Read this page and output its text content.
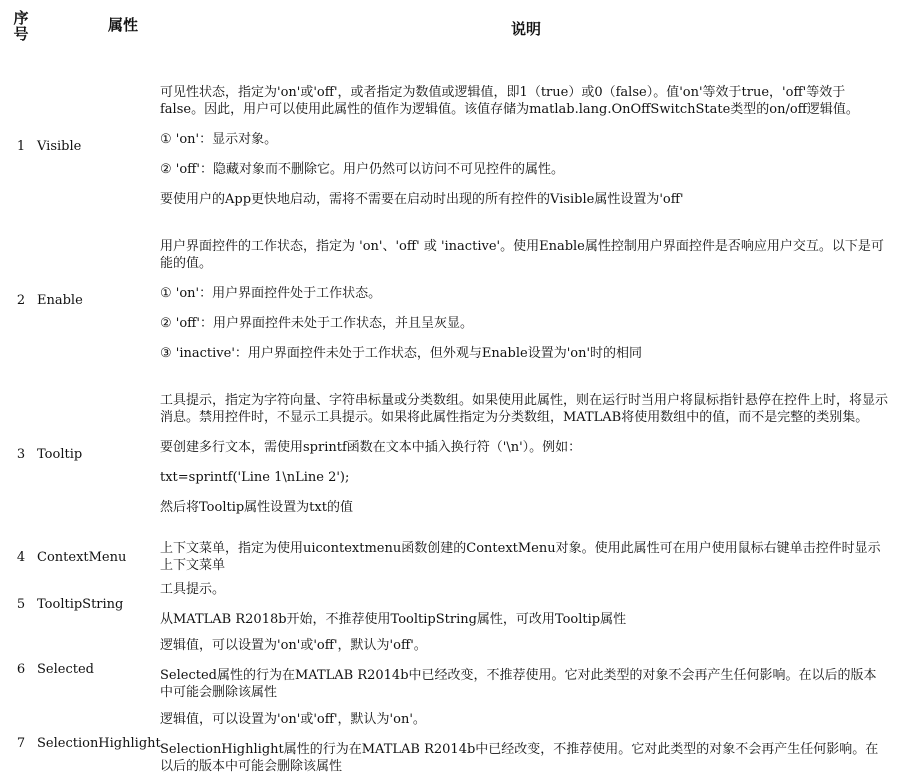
序号	属性	说明
1	Visible	可见性状态，指定为'on'或'off'，或者指定为数值或逻辑值，即1（true）或0（false）。值'on'等效于true，'off'等效于false。因此，用户可以使用此属性的值作为逻辑值。该值存储为matlab.lang.OnOffSwitchState类型的on/off逻辑值。

① 'on'：显示对象。

② 'off'：隐藏对象而不删除它。用户仍然可以访问不可见控件的属性。

要使用户的App更快地启动，需将不需要在启动时出现的所有控件的Visible属性设置为'off'

2	Enable	用户界面控件的工作状态，指定为 'on'、'off' 或 'inactive'。使用Enable属性控制用户界面控件是否响应用户交互。以下是可能的值。

① 'on'：用户界面控件处于工作状态。

② 'off'：用户界面控件未处于工作状态，并且呈灰显。

③ 'inactive'：用户界面控件未处于工作状态，但外观与Enable设置为'on'时的相同

3	Tooltip	工具提示，指定为字符向量、字符串标量或分类数组。如果使用此属性，则在运行时当用户将鼠标指针悬停在控件上时，将显示消息。禁用控件时，不显示工具提示。如果将此属性指定为分类数组，MATLAB将使用数组中的值，而不是完整的类别集。

要创建多行文本，需使用sprintf函数在文本中插入换行符（'\n'）。例如：

txt=sprintf('Line 1\nLine 2');

然后将Tooltip属性设置为txt的值

4	ContextMenu	上下文菜单，指定为使用uicontextmenu函数创建的ContextMenu对象。使用此属性可在用户使用鼠标右键单击控件时显示上下文菜单

5	TooltipString	工具提示。

从MATLAB R2018b开始，不推荐使用TooltipString属性，可改用Tooltip属性

6	Selected	逻辑值，可以设置为'on'或'off'，默认为'off'。

Selected属性的行为在MATLAB R2014b中已经改变，不推荐使用。它对此类型的对象不会再产生任何影响。在以后的版本中可能会删除该属性

7	SelectionHighlight	逻辑值，可以设置为'on'或'off'，默认为'on'。

SelectionHighlight属性的行为在MATLAB R2014b中已经改变，不推荐使用。它对此类型的对象不会再产生任何影响。在以后的版本中可能会删除该属性
